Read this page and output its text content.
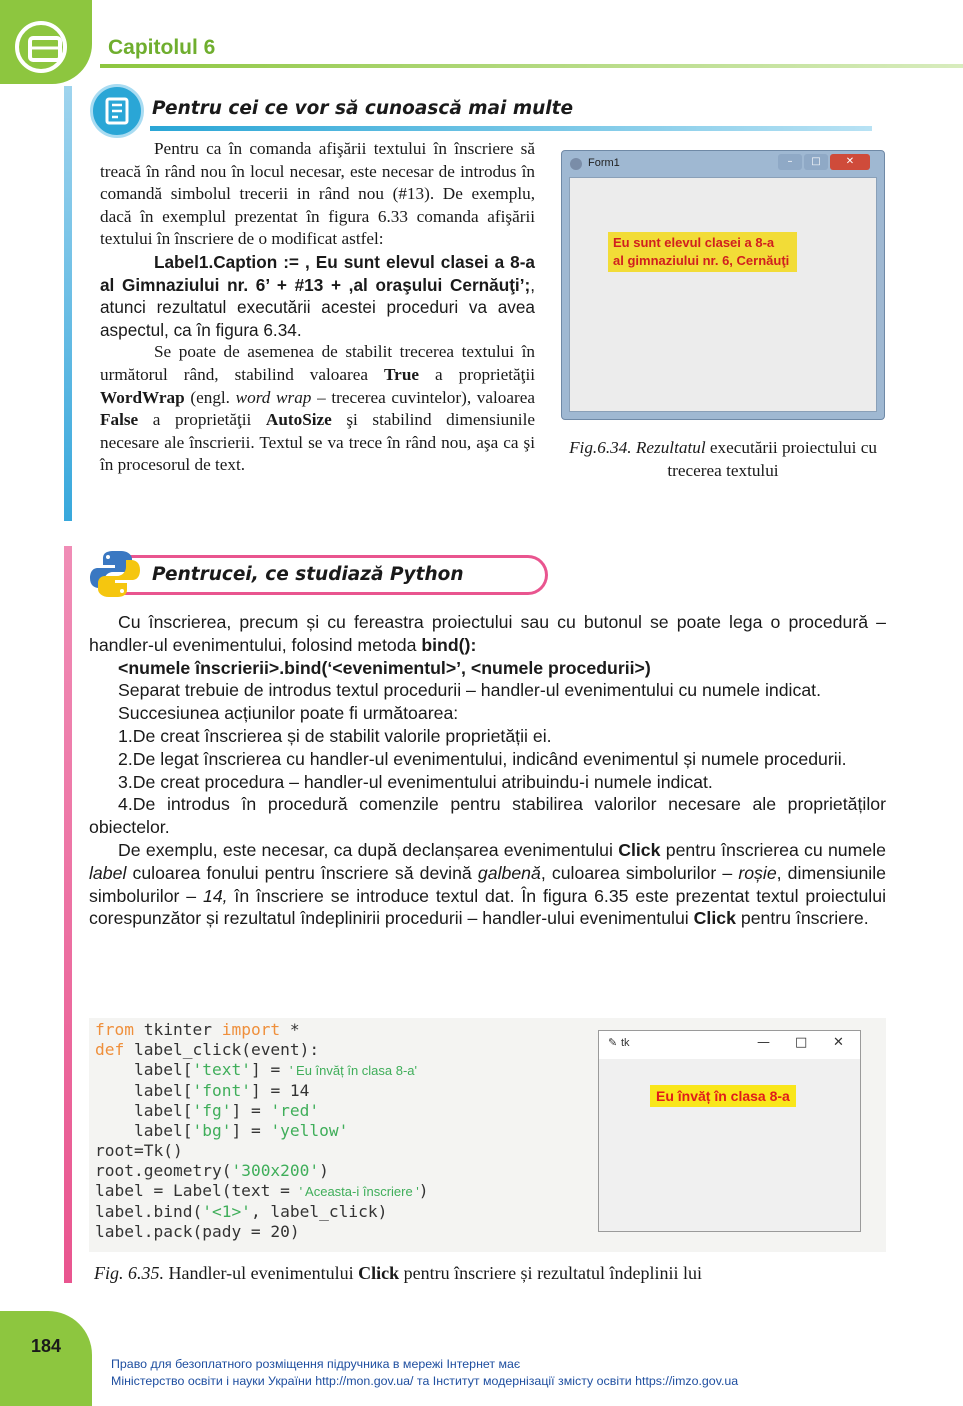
Capitolul 6
Pentru cei ce vor să cunoască mai multe

Pentru ca în comanda afişării textului în înscriere să treacă în rând nou în locul necesar, este necesar de introdus în comandă simbolul trecerii in rând nou (#13). De exemplu, dacă în exemplul prezentat în figura 6.33 comanda afişării textului în înscriere de o modificat astfel:

Label1.Caption := , Eu sunt elevul clasei a 8-a al Gimnaziului nr. 6’ + #13 + ,al oraşului Cernăuţi’;, atunci rezultatul executării acestei proceduri va avea aspectul, ca în figura 6.34.

Se poate de asemenea de stabilit trecerea textului în următorul rând, stabilind valoarea True a proprietăţii WordWrap (engl. word wrap – trecerea cuvintelor), valoarea False a proprietăţii AutoSize şi stabilind dimensiunile necesare ale înscrierii. Textul se va trece în rând nou, aşa ca şi în procesorul de text.

Form1	–	□	✕
Eu sunt elevul clasei a 8-a
al gimnaziului nr. 6, Cernăuţi
Fig.6.34. Rezultatul executării proiectului cu trecerea textului
Pentrucei, ce studiază Python

Cu înscrierea, precum și cu fereastra proiectului sau cu butonul se poate lega o procedură – handler-ul evenimentului, folosind metoda bind():

<numele înscrierii>.bind(‘<evenimentul>’, <numele procedurii>)

Separat trebuie de introdus textul procedurii – handler-ul evenimentului cu numele indicat.

Succesiunea acțiunilor poate fi următoarea:

1.De creat înscrierea și de stabilit valorile proprietății ei.

2.De legat înscrierea cu handler-ul evenimentului, indicând evenimentul și numele procedurii.

3.De creat procedura – handler-ul evenimentului atribuindu-i numele indicat.

4.De introdus în procedură comenzile pentru stabilirea valorilor necesare ale proprietăților obiectelor.

De exemplu, este necesar, ca după declanșarea evenimentului Click pentru înscrierea cu numele label culoarea fonului pentru înscriere să devină galbenă, culoarea simbolurilor – roșie, dimensiunile simbolurilor – 14, în înscriere se introduce textul dat. În figura 6.35 este prezentat textul proiectului corespunzător și rezultatul îndeplinirii procedurii – handler-ului evenimentului Click pentru înscriere.

from tkinter import *
def label_click(event):
label['text'] = ' Eu învăț în clasa 8-a'
label['font'] = 14
label['fg'] = 'red'
label['bg'] = 'yellow'
root=Tk()
root.geometry('300x200')
label = Label(text = ' Aceasta-i înscriere ')
label.bind('<1>', label_click)
label.pack(pady = 20)
✎ tk	— □ ✕
Eu învăț în clasa 8-a
Fig. 6.35. Handler-ul evenimentului Click pentru înscriere și rezultatul îndeplinii lui
184
Право для безоплатного розміщення підручника в мережі Інтернет має
Міністерство освіти і науки України http://mon.gov.ua/ та Інститут модернізації змісту освіти https://imzo.gov.ua
